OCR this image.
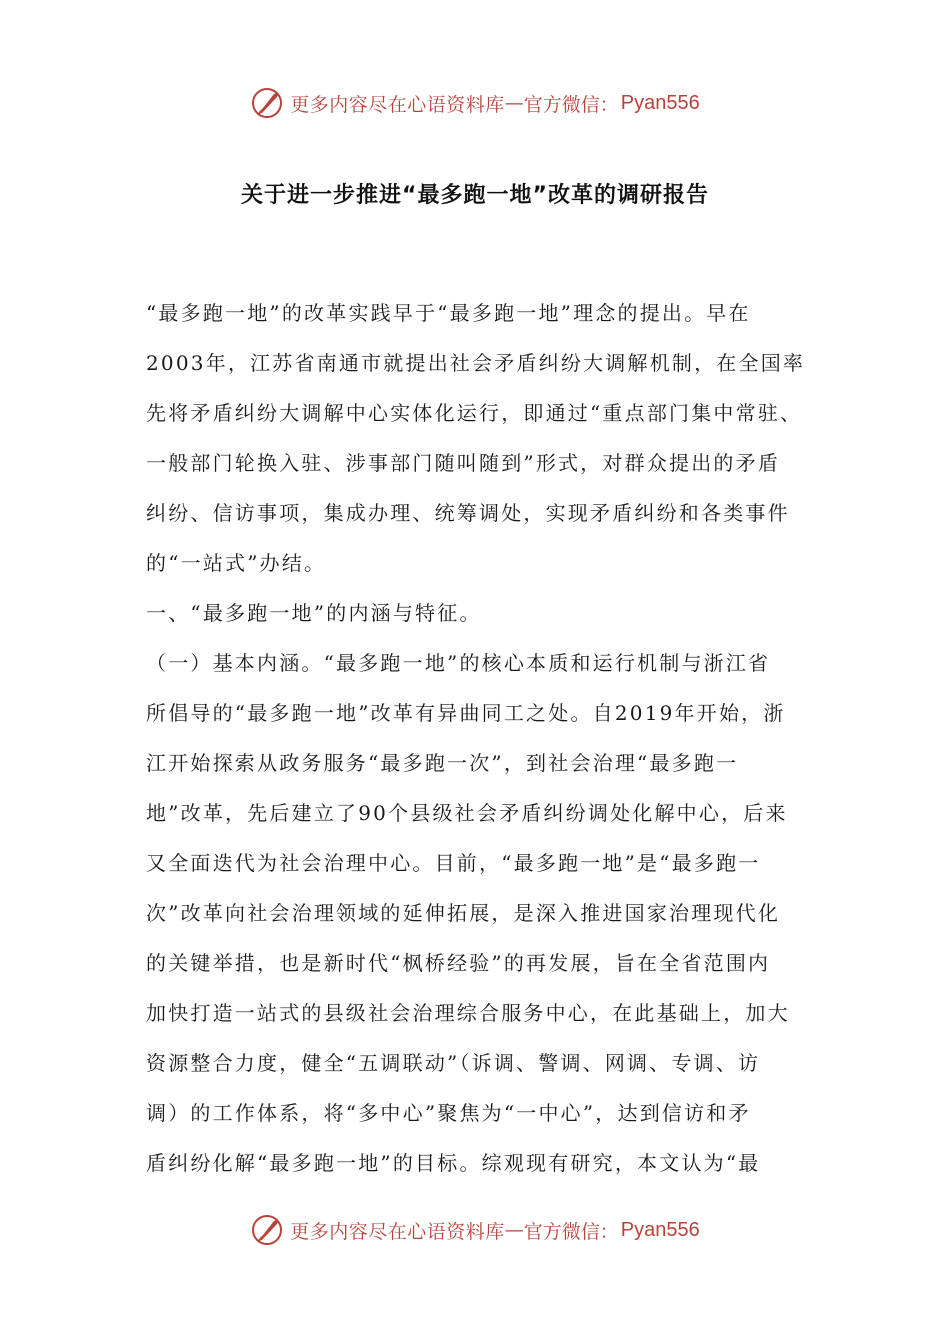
更多内容尽在心语资料库 — 官方微信： Pyan556
关于进一步推进“最多跑一地”改革的调研报告
“最多跑一地”的改革实践早于“最多跑一地”理念的提出。早在
2003年，江苏省南通市就提出社会矛盾纠纷大调解机制，在全国率
先将矛盾纠纷大调解中心实体化运行，即通过“重点部门集中常驻、
一般部门轮换入驻、涉事部门随叫随到”形式，对群众提出的矛盾
纠纷、信访事项，集成办理、统筹调处，实现矛盾纠纷和各类事件
的“一站式”办结。
一、“最多跑一地”的内涵与特征。
（一）基本内涵。“最多跑一地”的核心本质和运行机制与浙江省
所倡导的“最多跑一地”改革有异曲同工之处。自2019年开始，浙
江开始探索从政务服务“最多跑一次”，到社会治理“最多跑一
地”改革，先后建立了90个县级社会矛盾纠纷调处化解中心，后来
又全面迭代为社会治理中心。目前，“最多跑一地”是“最多跑一
次”改革向社会治理领域的延伸拓展，是深入推进国家治理现代化
的关键举措，也是新时代“枫桥经验”的再发展，旨在全省范围内
加快打造一站式的县级社会治理综合服务中心，在此基础上，加大
资源整合力度，健全“五调联动”（诉调、警调、网调、专调、访
调）的工作体系，将“多中心”聚焦为“一中心”，达到信访和矛
盾纠纷化解“最多跑一地”的目标。综观现有研究，本文认为“最
更多内容尽在心语资料库 — 官方微信： Pyan556
